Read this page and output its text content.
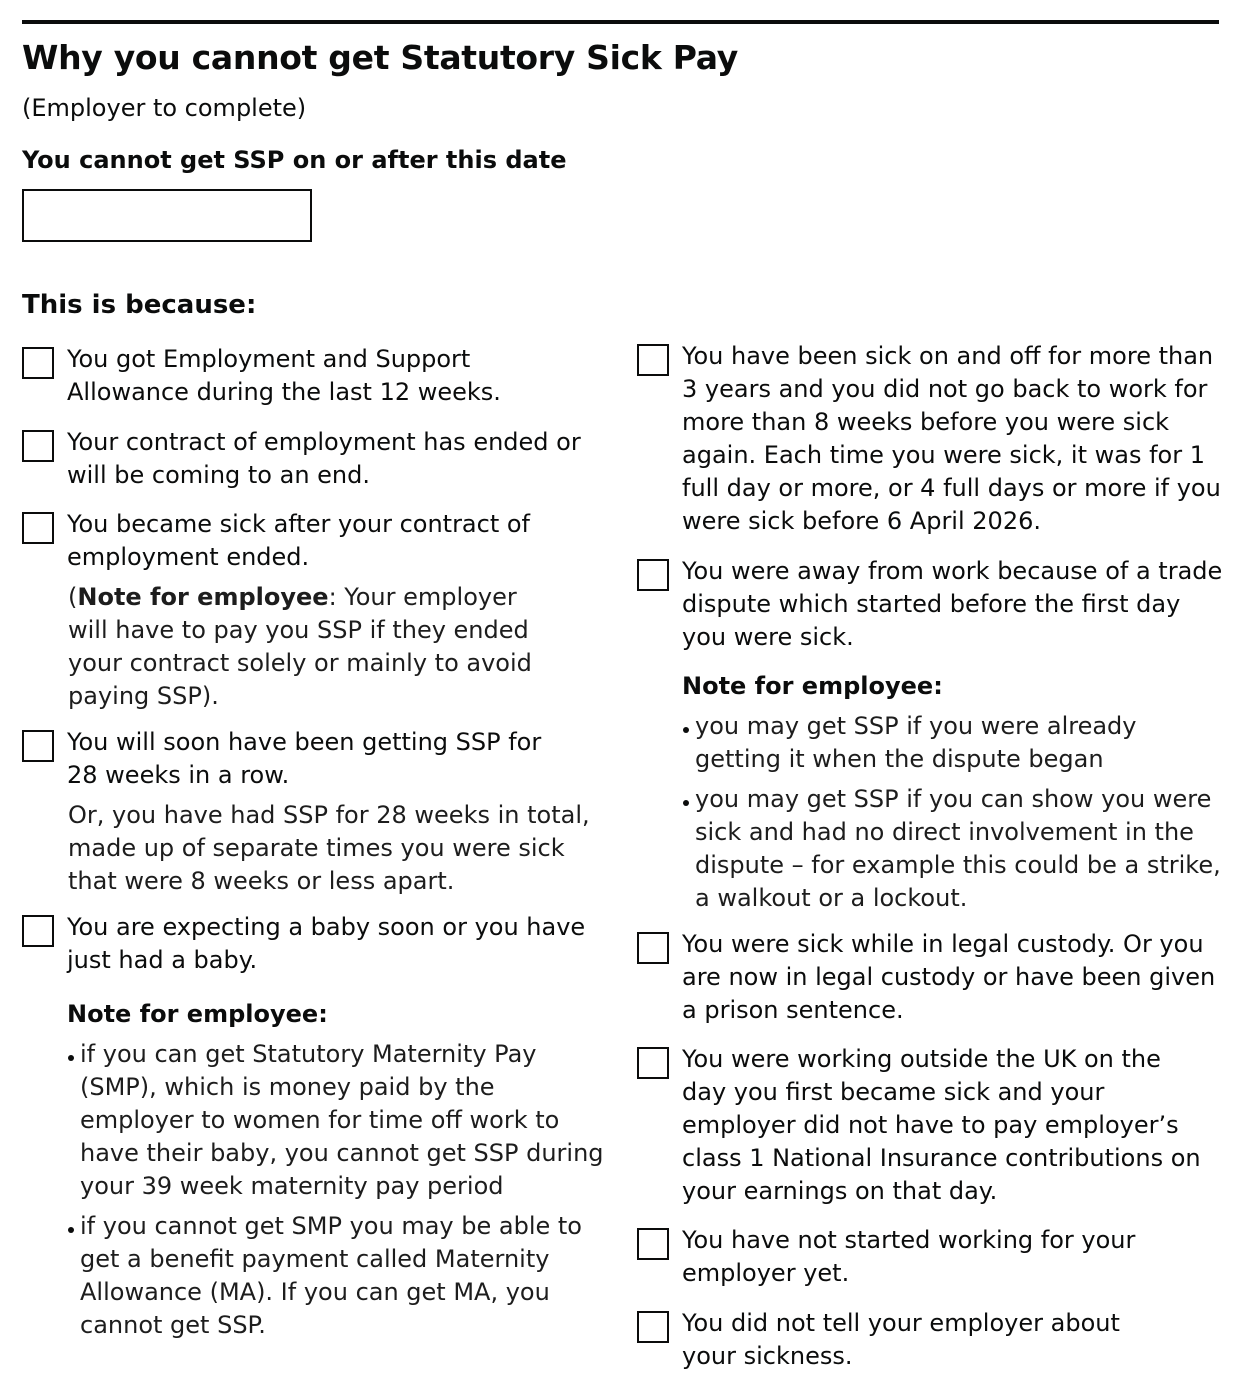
Why you cannot get Statutory Sick Pay
(Employer to complete)
You cannot get SSP on or after this date
This is because:
You got Employment and Support Allowance during the last 12 weeks.
Your contract of employment has ended or will be coming to an end.
You became sick after your contract of employment ended.
(Note for employee: Your employer will have to pay you SSP if they ended your contract solely or mainly to avoid paying SSP).
You will soon have been getting SSP for 28 weeks in a row.
Or, you have had SSP for 28 weeks in total, made up of separate times you were sick that were 8 weeks or less apart.
You are expecting a baby soon or you have just had a baby.
Note for employee:
if you can get Statutory Maternity Pay (SMP), which is money paid by the employer to women for time off work to have their baby, you cannot get SSP during your 39 week maternity pay period
if you cannot get SMP you may be able to get a benefit payment called Maternity Allowance (MA). If you can get MA, you cannot get SSP.
You have been sick on and off for more than 3 years and you did not go back to work for more than 8 weeks before you were sick again. Each time you were sick, it was for 1 full day or more, or 4 full days or more if you were sick before 6 April 2026.
You were away from work because of a trade dispute which started before the first day you were sick.
Note for employee:
you may get SSP if you were already getting it when the dispute began
you may get SSP if you can show you were sick and had no direct involvement in the dispute – for example this could be a strike, a walkout or a lockout.
You were sick while in legal custody. Or you are now in legal custody or have been given a prison sentence.
You were working outside the UK on the day you first became sick and your employer did not have to pay employer’s class 1 National Insurance contributions on your earnings on that day.
You have not started working for your employer yet.
You did not tell your employer about your sickness.
